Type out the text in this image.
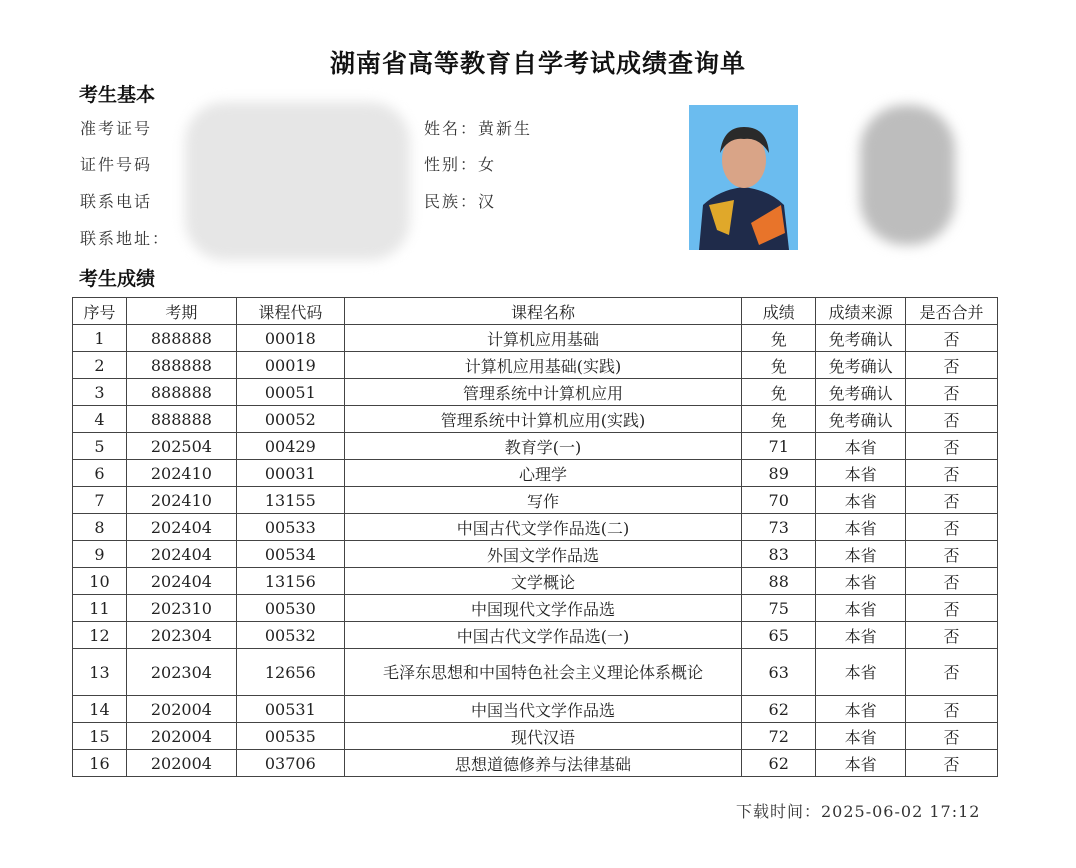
湖南省高等教育自学考试成绩查询单
考生基本
准考证号
证件号码
联系电话
联系地址：
姓名：黄新生
性别：女
民族：汉
考生成绩
序号	考期	课程代码	课程名称	成绩	成绩来源	是否合并
1	888888	00018	计算机应用基础	免	免考确认	否
2	888888	00019	计算机应用基础(实践)	免	免考确认	否
3	888888	00051	管理系统中计算机应用	免	免考确认	否
4	888888	00052	管理系统中计算机应用(实践)	免	免考确认	否
5	202504	00429	教育学(一)	71	本省	否
6	202410	00031	心理学	89	本省	否
7	202410	13155	写作	70	本省	否
8	202404	00533	中国古代文学作品选(二)	73	本省	否
9	202404	00534	外国文学作品选	83	本省	否
10	202404	13156	文学概论	88	本省	否
11	202310	00530	中国现代文学作品选	75	本省	否
12	202304	00532	中国古代文学作品选(一)	65	本省	否
13	202304	12656	毛泽东思想和中国特色社会主义理论体系概论	63	本省	否
14	202004	00531	中国当代文学作品选	62	本省	否
15	202004	00535	现代汉语	72	本省	否
16	202004	03706	思想道德修养与法律基础	62	本省	否
下载时间：2025-06-02 17:12
